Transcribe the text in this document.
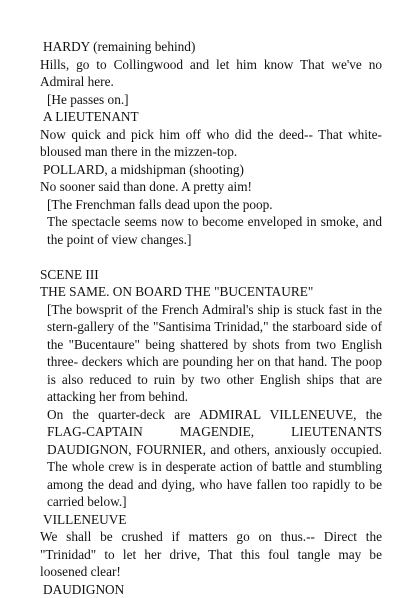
HARDY (remaining behind)

Hills, go to Collingwood and let him know That we've no Admiral here.

[He passes on.]

A LIEUTENANT

Now quick and pick him off who did the deed-- That white-bloused man there in the mizzen-top.

POLLARD, a midshipman (shooting)

No sooner said than done. A pretty aim!

[The Frenchman falls dead upon the poop.

The spectacle seems now to become enveloped in smoke, and the point of view changes.]

SCENE III

THE SAME. ON BOARD THE "BUCENTAURE"

[The bowsprit of the French Admiral's ship is stuck fast in the stern-gallery of the "Santisima Trinidad," the starboard side of the "Bucentaure" being shattered by shots from two English three- deckers which are pounding her on that hand. The poop is also reduced to ruin by two other English ships that are attacking her from behind.

On the quarter-deck are ADMIRAL VILLENEUVE, the FLAG-CAPTAIN MAGENDIE, LIEUTENANTS DAUDIGNON, FOURNIER, and others, anxiously occupied. The whole crew is in desperate action of battle and stumbling among the dead and dying, who have fallen too rapidly to be carried below.]

VILLENEUVE

We shall be crushed if matters go on thus.-- Direct the "Trinidad" to let her drive, That this foul tangle may be loosened clear!

DAUDIGNON
